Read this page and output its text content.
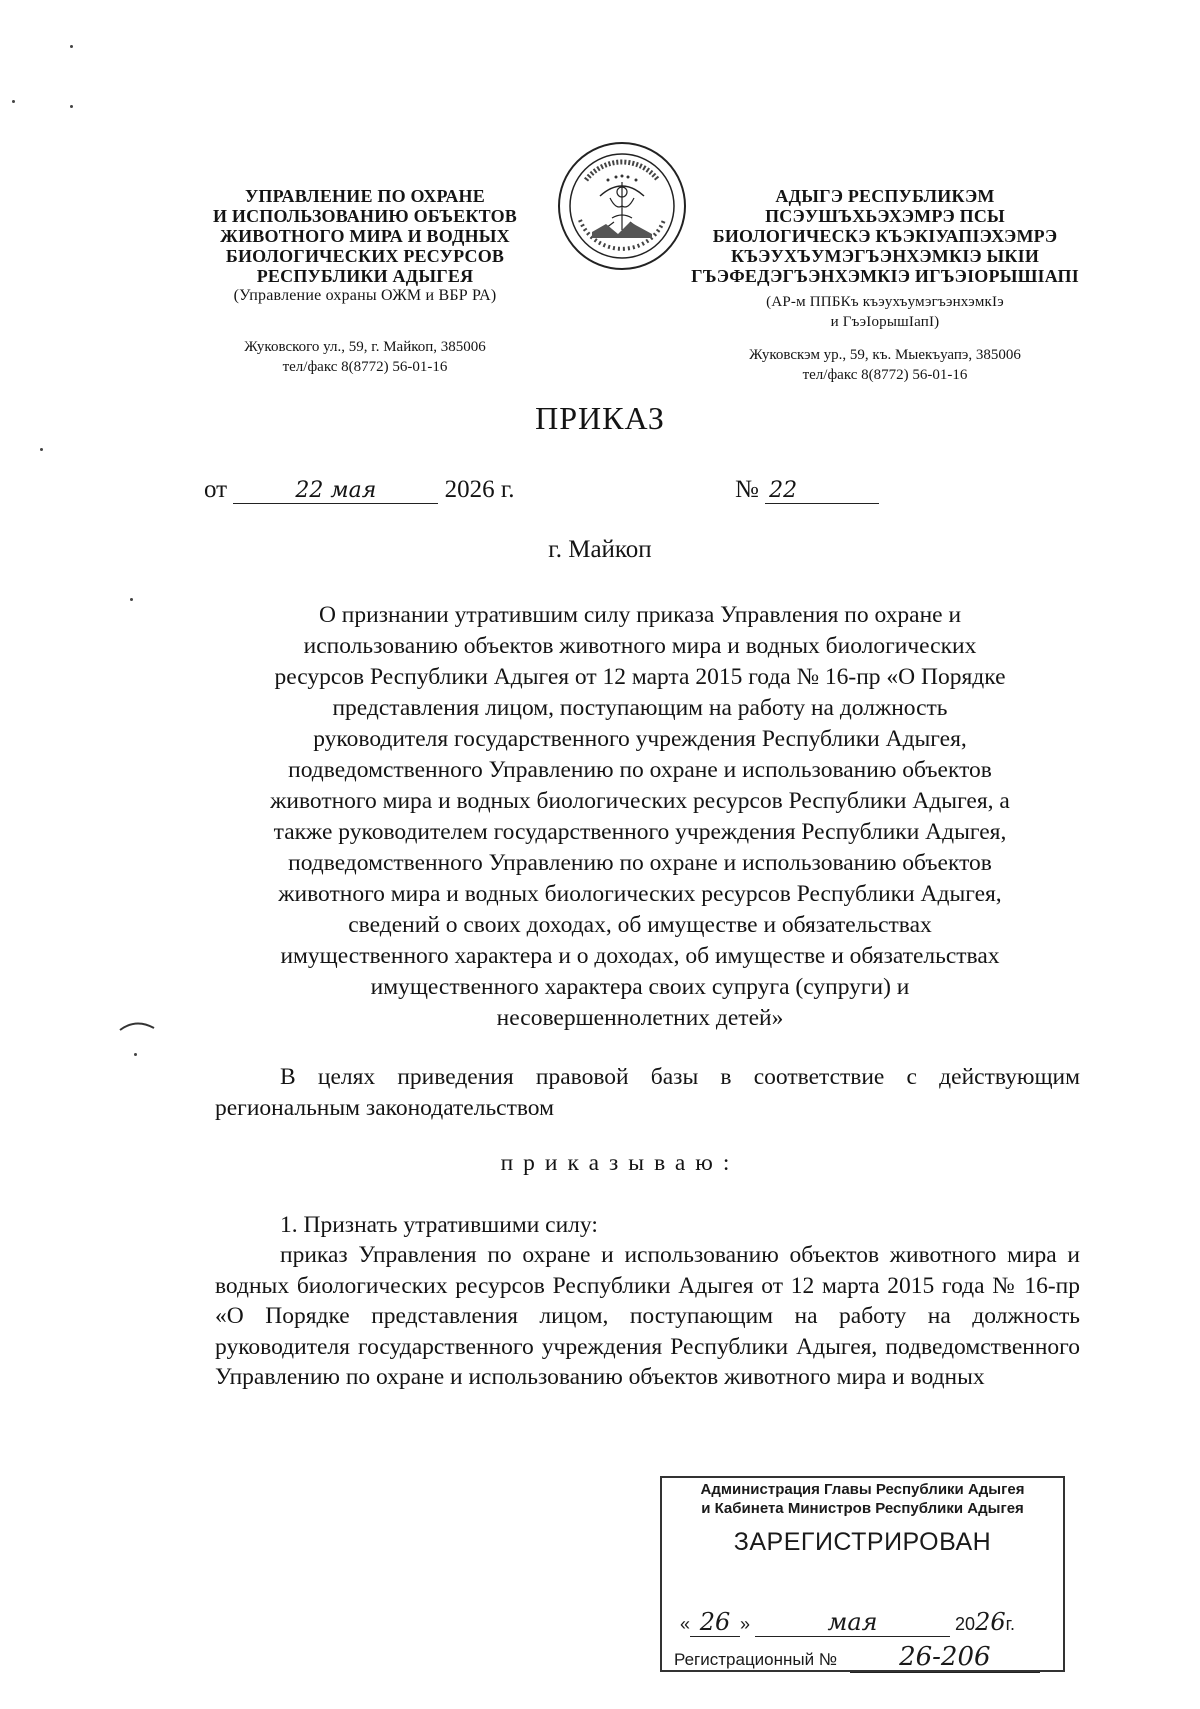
УПРАВЛЕНИЕ ПО ОХРАНЕ
И ИСПОЛЬЗОВАНИЮ ОБЪЕКТОВ
ЖИВОТНОГО МИРА И ВОДНЫХ
БИОЛОГИЧЕСКИХ РЕСУРСОВ
РЕСПУБЛИКИ АДЫГЕЯ
(Управление охраны ОЖМ и ВБР РА)
Жуковского ул., 59, г. Майкоп, 385006
тел/факс 8(8772) 56-01-16
АДЫГЭ РЕСПУБЛИКЭМ
ПСЭУШЪХЬЭХЭМРЭ ПСЫ
БИОЛОГИЧЕСКЭ КЪЭКIУАПIЭХЭМРЭ
КЪЭУХЪУМЭГЪЭНХЭМКIЭ ЫКIИ
ГЪЭФЕДЭГЪЭНХЭМКIЭ ИГЪЭIОРЫШIАПI
(АР-м ППБКъ къэухъумэгъэнхэмкIэ
и ГъэIорышIапI)
Жуковскэм ур., 59, къ. Мыекъуапэ, 385006
тел/факс 8(8772) 56-01-16
ПРИКАЗ
от	22 мая	2026 г.	№ 22
г. Майкоп
О признании утратившим силу приказа Управления по охране и
использованию объектов животного мира и водных биологических
ресурсов Республики Адыгея от 12 марта 2015 года № 16-пр «О Порядке
представления лицом, поступающим на работу на должность
руководителя государственного учреждения Республики Адыгея,
подведомственного Управлению по охране и использованию объектов
животного мира и водных биологических ресурсов Республики Адыгея, а
также руководителем государственного учреждения Республики Адыгея,
подведомственного Управлению по охране и использованию объектов
животного мира и водных биологических ресурсов Республики Адыгея,
сведений о своих доходах, об имуществе и обязательствах
имущественного характера и о доходах, об имуществе и обязательствах
имущественного характера своих супруга (супруги) и
несовершеннолетних детей»
В целях приведения правовой базы в соответствие с действующим региональным законодательством
приказываю:
1. Признать утратившими силу:
приказ Управления по охране и использованию объектов животного мира и водных биологических ресурсов Республики Адыгея от 12 марта 2015 года № 16-пр «О Порядке представления лицом, поступающим на работу на должность руководителя государственного учреждения Республики Адыгея, подведомственного Управлению по охране и использованию объектов животного мира и водных
Администрация Главы Республики Адыгея
и Кабинета Министров Республики Адыгея
ЗАРЕГИСТРИРОВАН
« 26 »	мая	2026г.
Регистрационный № 26-206
